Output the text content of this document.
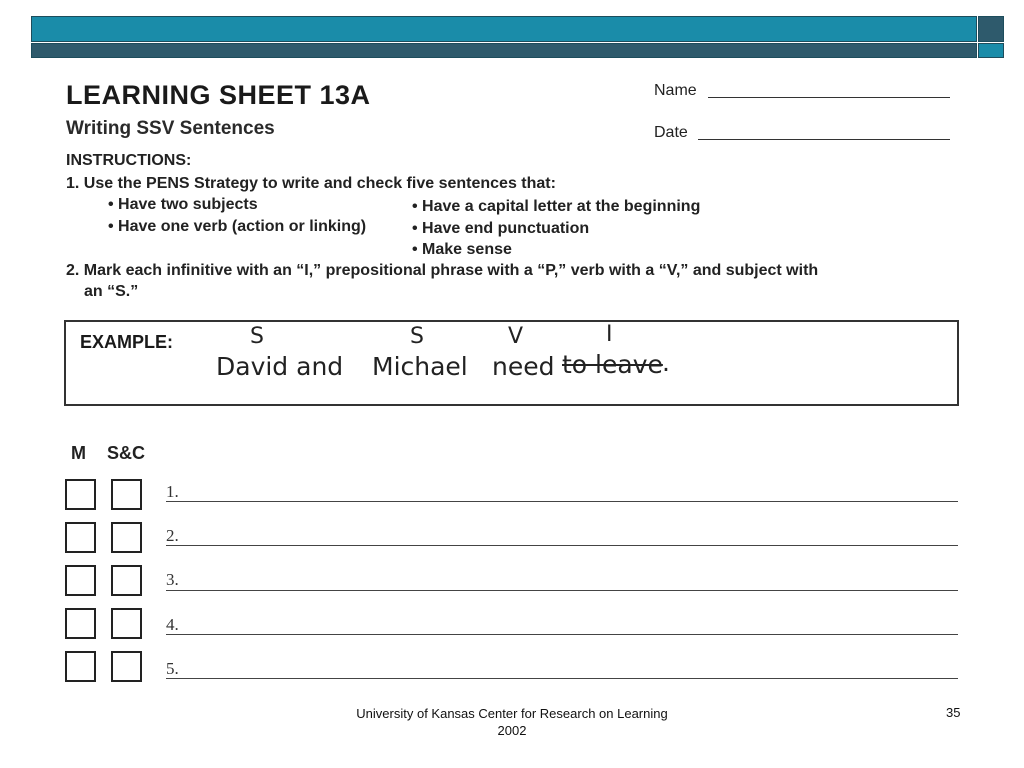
LEARNING SHEET 13A
Writing SSV Sentences
Name
Date
INSTRUCTIONS:
1. Use the PENS Strategy to write and check five sentences that:
• Have two subjects
• Have one verb (action or linking)
• Have a capital letter at the beginning
• Have end punctuation
• Make sense
2. Mark each infinitive with an “I,” prepositional phrase with a “P,” verb with a “V,” and subject with
an “S.”
EXAMPLE:	S	S	V	I
David and Michael need to leave .
M S&C
1.
2.
3.
4.
5.
University of Kansas Center for Research on Learning 2002
35
